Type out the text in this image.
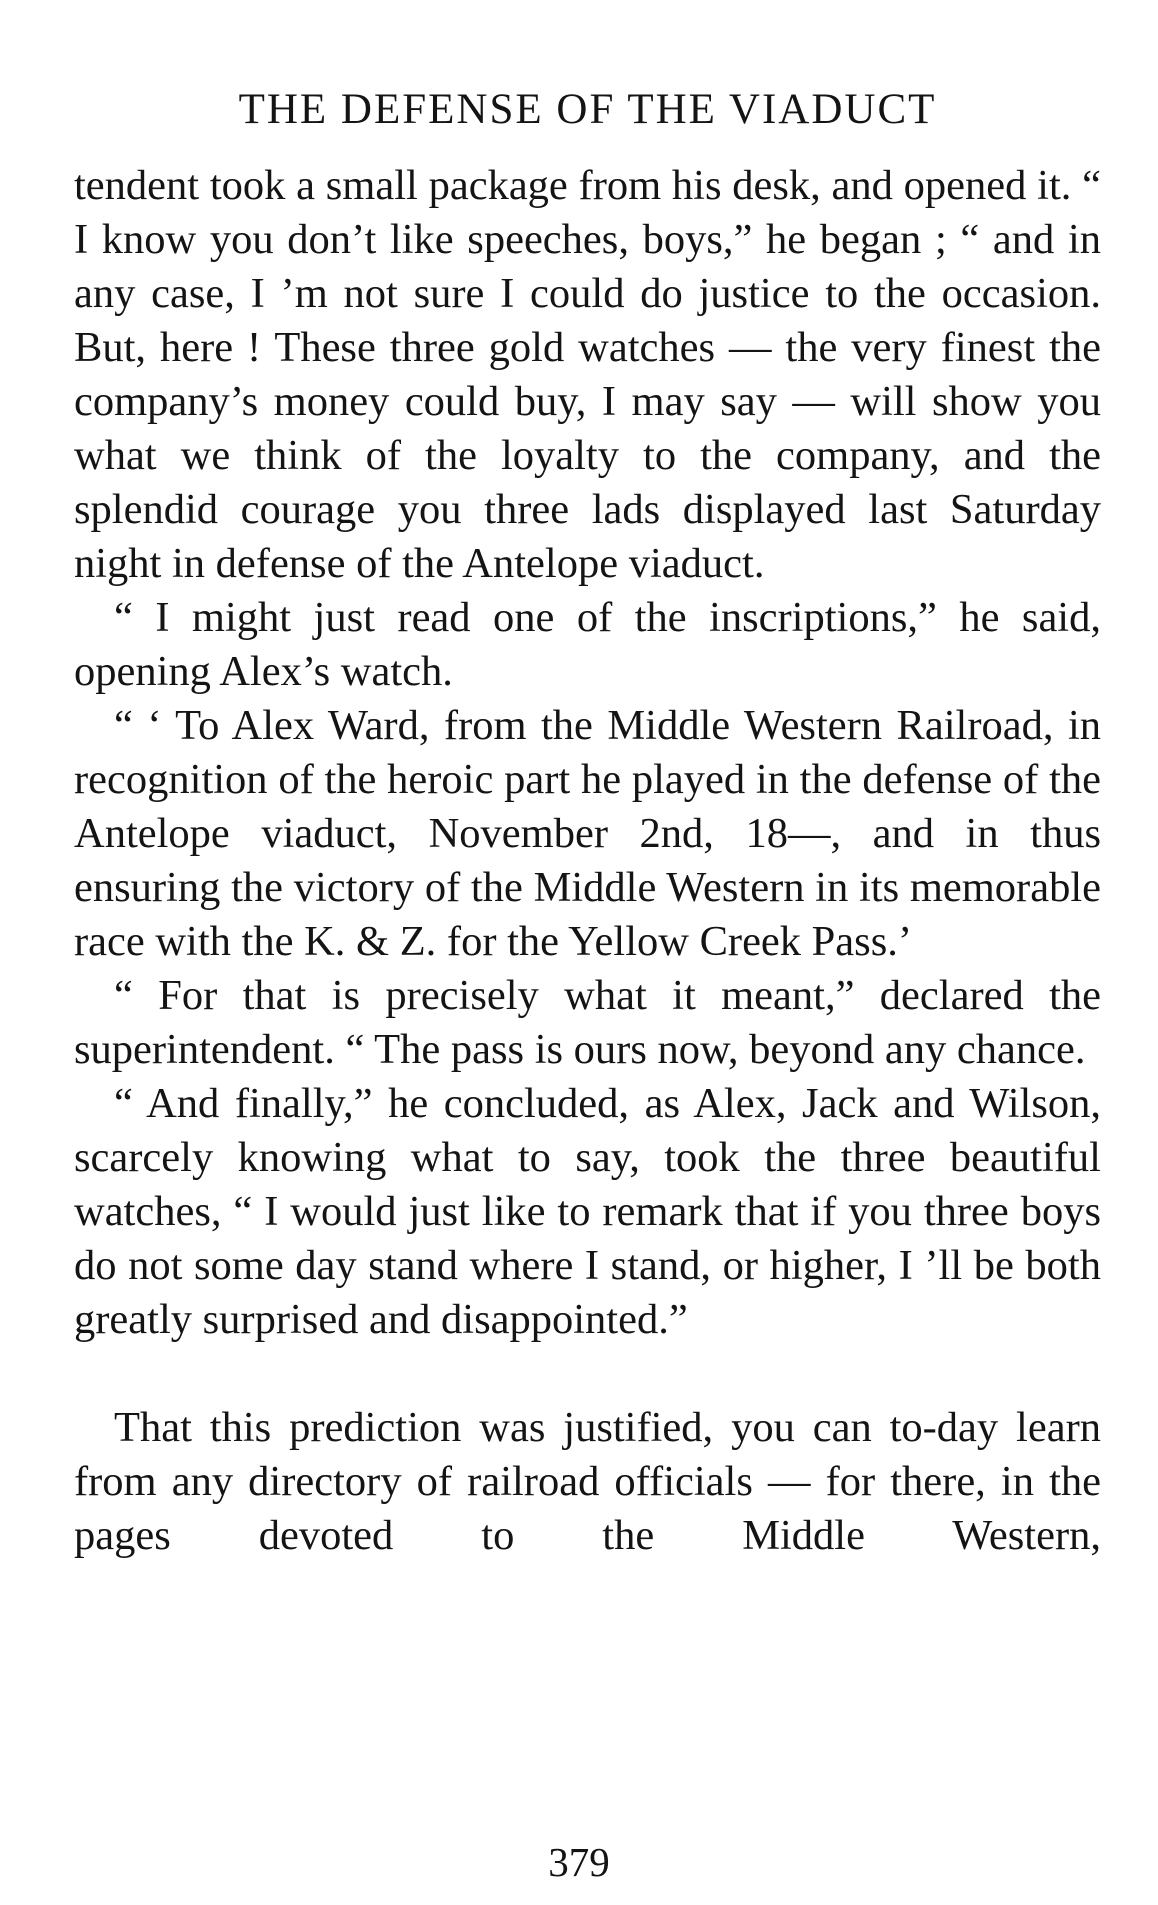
THE DEFENSE OF THE VIADUCT

tendent took a small package from his desk, and opened it. “ I know you don’t like speeches, boys,” he began ; “ and in any case, I ’m not sure I could do justice to the occasion. But, here ! These three gold watches — the very finest the company’s money could buy, I may say — will show you what we think of the loyalty to the company, and the splendid courage you three lads displayed last Saturday night in defense of the Antelope viaduct.

“ I might just read one of the inscriptions,” he said, opening Alex’s watch.

“ ‘ To Alex Ward, from the Middle Western Railroad, in recognition of the heroic part he played in the defense of the Antelope viaduct, November 2nd, 18—, and in thus ensuring the victory of the Middle Western in its memorable race with the K. & Z. for the Yellow Creek Pass.’

“ For that is precisely what it meant,” declared the superintendent. “ The pass is ours now, beyond any chance.

“ And finally,” he concluded, as Alex, Jack and Wilson, scarcely knowing what to say, took the three beautiful watches, “ I would just like to remark that if you three boys do not some day stand where I stand, or higher, I ’ll be both greatly surprised and disappointed.”

That this prediction was justified, you can to-day learn from any directory of railroad officials — for there, in the pages devoted to the Middle Western,

379
